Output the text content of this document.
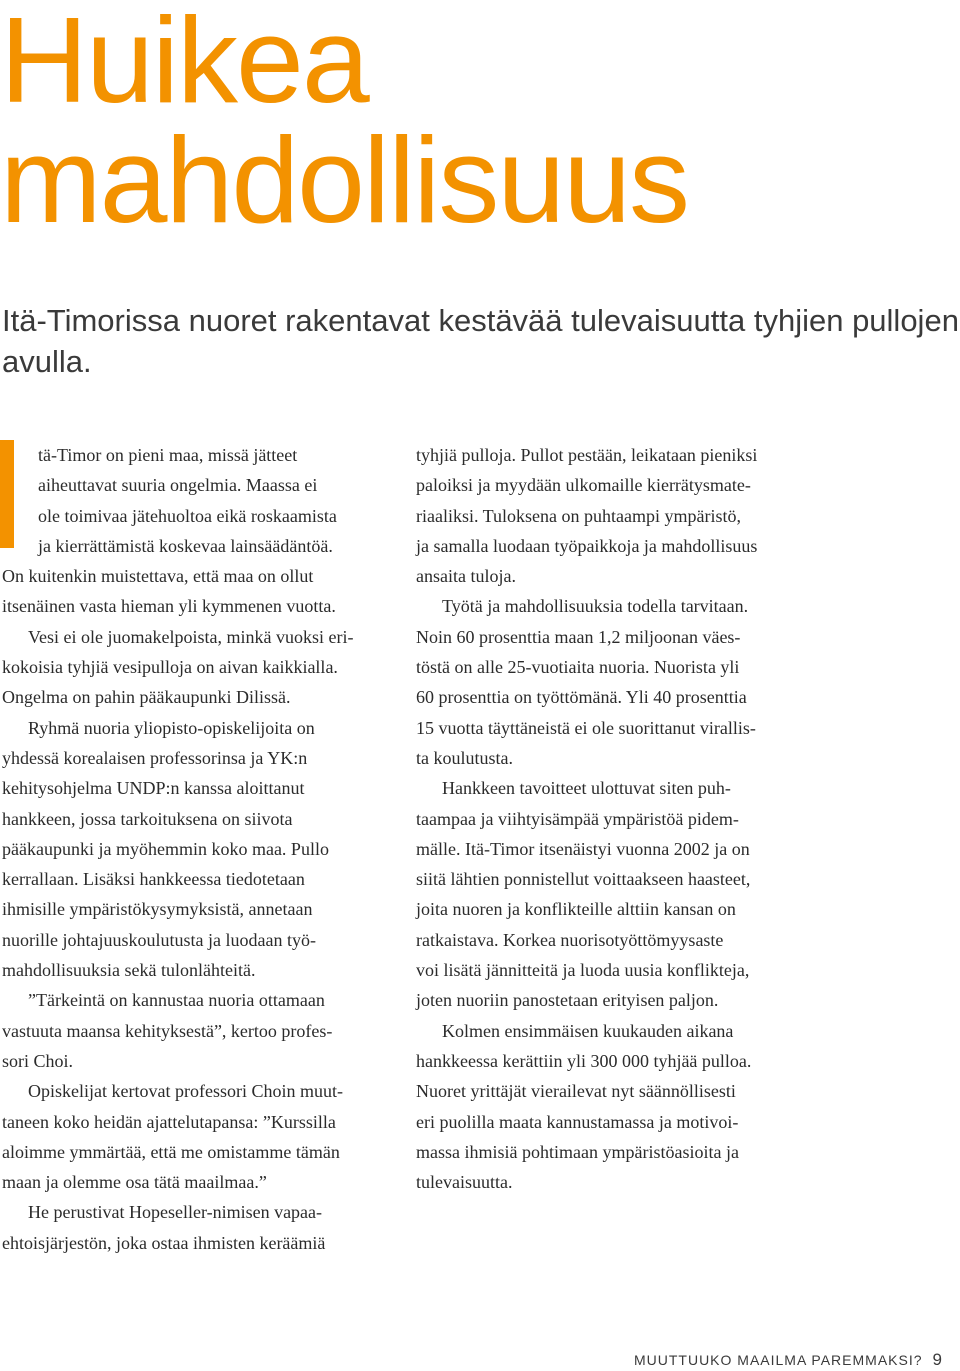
Huikea
mahdollisuus
Itä-Timorissa nuoret rakentavat kestävää tulevaisuutta tyhjien pullojen avulla.

tä-Timor on pieni maa, missä jätteet
aiheuttavat suuria ongelmia. Maassa ei
ole toimivaa jätehuoltoa eikä roskaamista
ja kierrättämistä koskevaa lainsäädäntöä.
On kuitenkin muistettava, että maa on ollut
itsenäinen vasta hieman yli kymmenen vuotta.

Vesi ei ole juomakelpoista, minkä vuoksi eri-
kokoisia tyhjiä vesipulloja on aivan kaikkialla.
Ongelma on pahin pääkaupunki Dilissä.

Ryhmä nuoria yliopisto-opiskelijoita on
yhdessä korealaisen professorinsa ja YK:n
kehitysohjelma UNDP:n kanssa aloittanut
hankkeen, jossa tarkoituksena on siivota
pääkaupunki ja myöhemmin koko maa. Pullo
kerrallaan. Lisäksi hankkeessa tiedotetaan
ihmisille ympäristökysymyksistä, annetaan
nuorille johtajuuskoulutusta ja luodaan työ-
mahdollisuuksia sekä tulonlähteitä.

”Tärkeintä on kannustaa nuoria ottamaan
vastuuta maansa kehityksestä”, kertoo profes-
sori Choi.

Opiskelijat kertovat professori Choin muut-
taneen koko heidän ajattelutapansa: ”Kurssilla
aloimme ymmärtää, että me omistamme tämän
maan ja olemme osa tätä maailmaa.”

He perustivat Hopeseller-nimisen vapaa-
ehtoisjärjestön, joka ostaa ihmisten keräämiä

tyhjiä pulloja. Pullot pestään, leikataan pieniksi
paloiksi ja myydään ulkomaille kierrätysmate-
riaaliksi. Tuloksena on puhtaampi ympäristö,
ja samalla luodaan työpaikkoja ja mahdollisuus
ansaita tuloja.

Työtä ja mahdollisuuksia todella tarvitaan.
Noin 60 prosenttia maan 1,2 miljoonan väes-
töstä on alle 25-vuotiaita nuoria. Nuorista yli
60 prosenttia on työttömänä. Yli 40 prosenttia
15 vuotta täyttäneistä ei ole suorittanut virallis-
ta koulutusta.

Hankkeen tavoitteet ulottuvat siten puh-
taampaa ja viihtyisämpää ympäristöä pidem-
mälle. Itä-Timor itsenäistyi vuonna 2002 ja on
siitä lähtien ponnistellut voittaakseen haasteet,
joita nuoren ja konflikteille alttiin kansan on
ratkaistava. Korkea nuorisotyöttömyysaste
voi lisätä jännitteitä ja luoda uusia konflikteja,
joten nuoriin panostetaan erityisen paljon.

Kolmen ensimmäisen kuukauden aikana
hankkeessa kerättiin yli 300 000 tyhjää pulloa.
Nuoret yrittäjät vierailevat nyt säännöllisesti
eri puolilla maata kannustamassa ja motivoi-
massa ihmisiä pohtimaan ympäristöasioita ja
tulevaisuutta.

MUUTTUUKO MAAILMA PAREMMAKSI? 9
